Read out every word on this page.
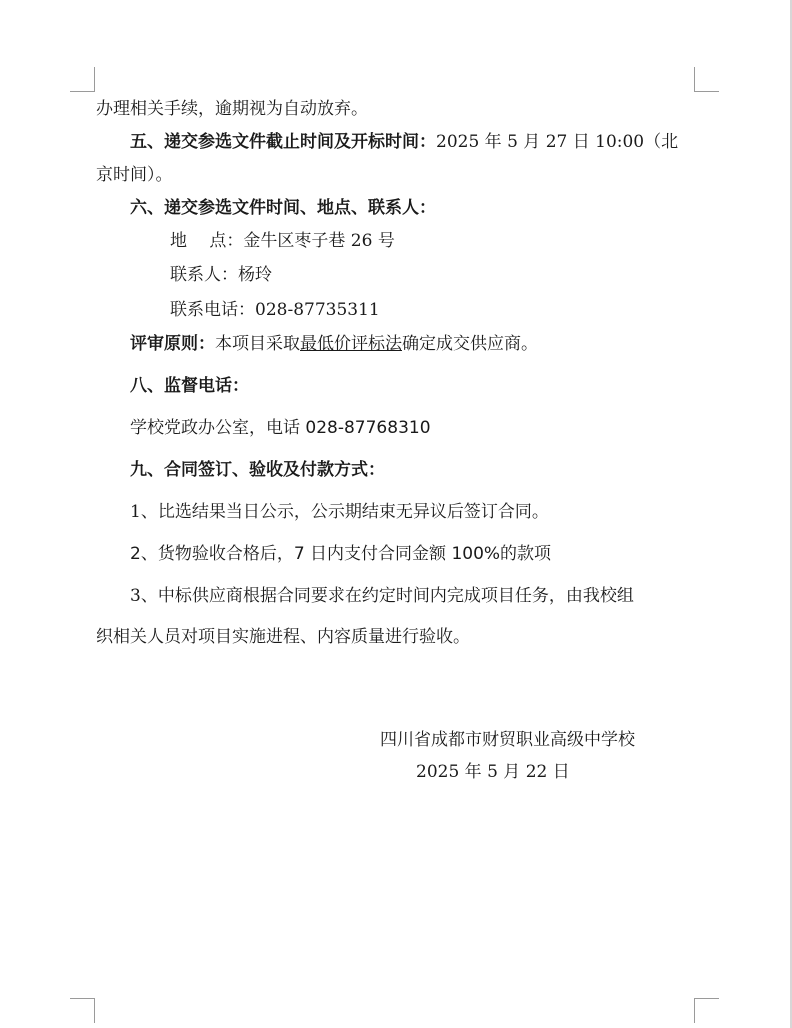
办理相关手续，逾期视为自动放弃。
五、递交参选文件截止时间及开标时间：2025 年 5 月 27 日 10:00（北
京时间）。
六、递交参选文件时间、地点、联系人：
地　 点：金牛区枣子巷 26 号
联系人：杨玲
联系电话：028-87735311
评审原则：本项目采取最低价评标法确定成交供应商。
八、监督电话：
学校党政办公室，电话 028-87768310
九、合同签订、验收及付款方式：
1、比选结果当日公示，公示期结束无异议后签订合同。
2、货物验收合格后，7 日内支付合同金额 100%的款项
3、中标供应商根据合同要求在约定时间内完成项目任务，由我校组
织相关人员对项目实施进程、内容质量进行验收。
四川省成都市财贸职业高级中学校
2025 年 5 月 22 日
